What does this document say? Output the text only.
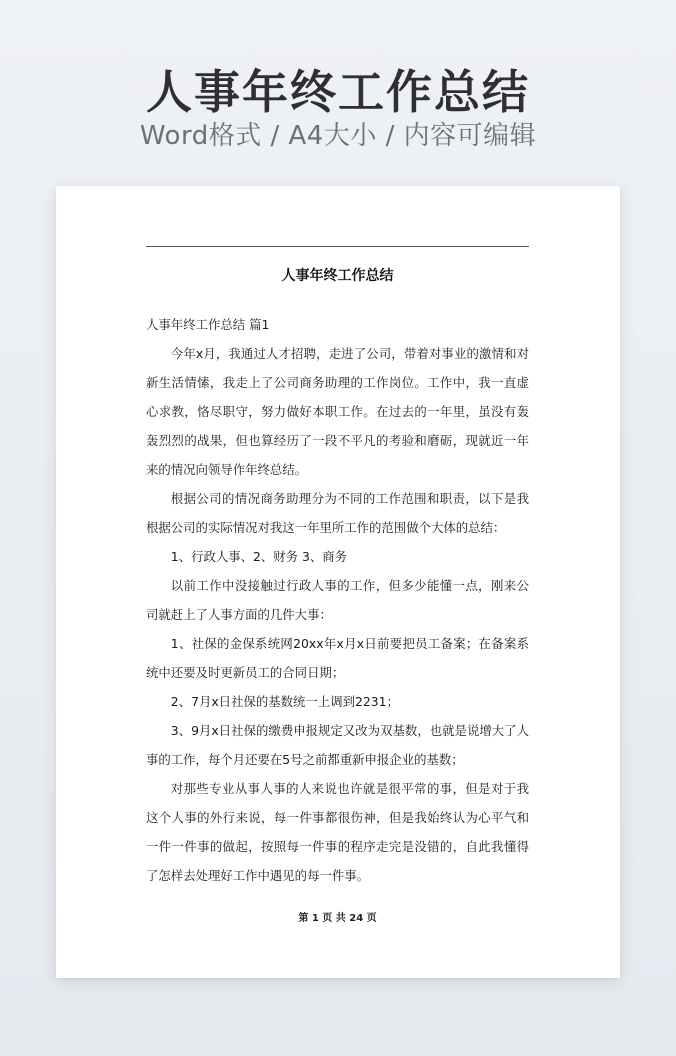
人事年终工作总结
Word格式 / A4大小 / 内容可编辑
人事年终工作总结

人事年终工作总结 篇1

今年x月，我通过人才招聘，走进了公司，带着对事业的激情和对新生活情愫，我走上了公司商务助理的工作岗位。工作中，我一直虚心求教，恪尽职守，努力做好本职工作。在过去的一年里，虽没有轰轰烈烈的战果，但也算经历了一段不平凡的考验和磨砺，现就近一年来的情况向领导作年终总结。

根据公司的情况商务助理分为不同的工作范围和职责，以下是我根据公司的实际情况对我这一年里所工作的范围做个大体的总结：

1、行政人事、2、财务 3、商务

以前工作中没接触过行政人事的工作，但多少能懂一点，刚来公司就赶上了人事方面的几件大事：

1、社保的金保系统网20xx年x月x日前要把员工备案；在备案系统中还要及时更新员工的合同日期；

2、7月x日社保的基数统一上调到2231；

3、9月x日社保的缴费申报规定又改为双基数，也就是说增大了人事的工作，每个月还要在5号之前都重新申报企业的基数；

对那些专业从事人事的人来说也许就是很平常的事，但是对于我这个人事的外行来说，每一件事都很伤神，但是我始终认为心平气和一件一件事的做起，按照每一件事的程序走完是没错的，自此我懂得了怎样去处理好工作中遇见的每一件事。

第 1 页 共 24 页
